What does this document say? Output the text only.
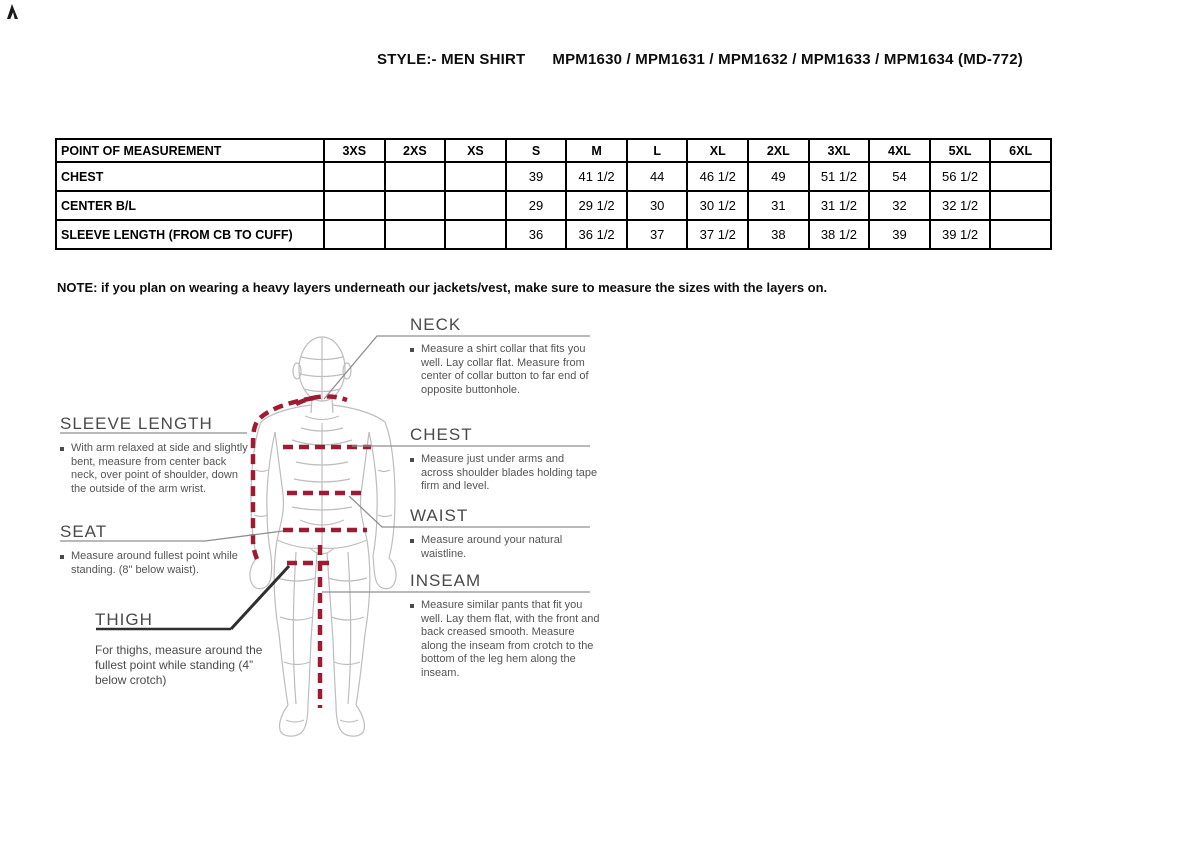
STYLE:- MEN SHIRT MPM1630 / MPM1631 / MPM1632 / MPM1633 / MPM1634 (MD-772)
POINT OF MEASUREMENT	3XS	2XS	XS	S	M	L	XL	2XL	3XL	4XL	5XL	6XL
CHEST				39	41 1/2	44	46 1/2	49	51 1/2	54	56 1/2	
CENTER B/L				29	29 1/2	30	30 1/2	31	31 1/2	32	32 1/2	
SLEEVE LENGTH (FROM CB TO CUFF)				36	36 1/2	37	37 1/2	38	38 1/2	39	39 1/2	
NOTE: if you plan on wearing a heavy layers underneath our jackets/vest, make sure to measure the sizes with the layers on.
SLEEVE LENGTH
With arm relaxed at side and slightly bent, measure from center back neck, over point of shoulder, down the outside of the arm wrist.
SEAT
Measure around fullest point while standing. (8" below waist).
THIGH
For thighs, measure around the fullest point while standing (4” below crotch)
NECK
Measure a shirt collar that fits you well. Lay collar flat. Measure from center of collar button to far end of opposite buttonhole.
CHEST
Measure just under arms and across shoulder blades holding tape firm and level.
WAIST
Measure around your natural waistline.
INSEAM
Measure similar pants that fit you well. Lay them flat, with the front and back creased smooth. Measure along the inseam from crotch to the bottom of the leg hem along the inseam.
